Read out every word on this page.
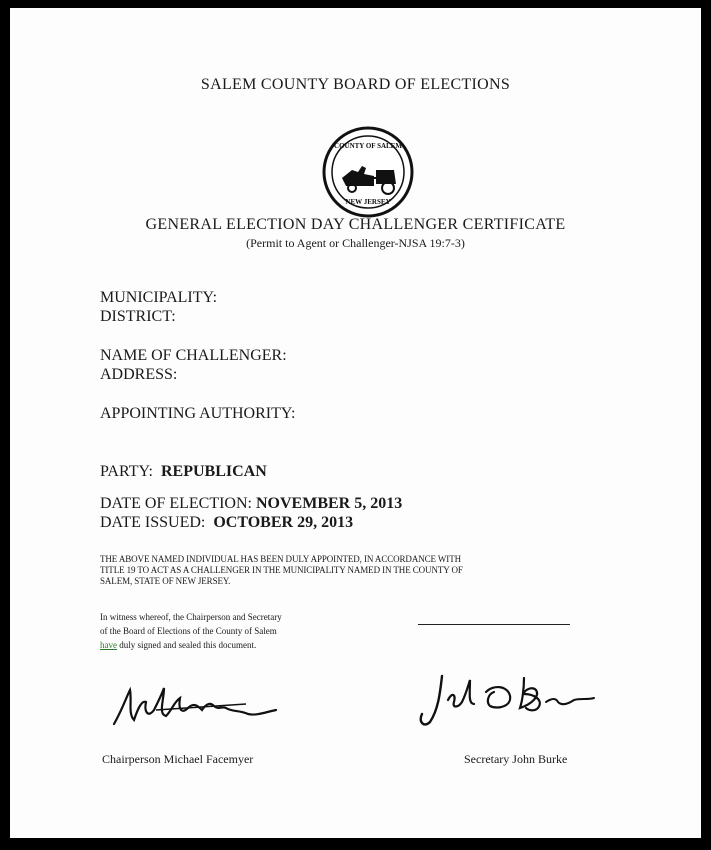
SALEM COUNTY BOARD OF ELECTIONS
COUNTY OF SALEM
NEW JERSEY
GENERAL ELECTION DAY CHALLENGER CERTIFICATE
(Permit to Agent or Challenger-NJSA 19:7-3)
MUNICIPALITY:
DISTRICT:
NAME OF CHALLENGER:
ADDRESS:
APPOINTING AUTHORITY:
PARTY: REPUBLICAN
DATE OF ELECTION: NOVEMBER 5, 2013
DATE ISSUED: OCTOBER 29, 2013
THE ABOVE NAMED INDIVIDUAL HAS BEEN DULY APPOINTED, IN ACCORDANCE WITH
TITLE 19 TO ACT AS A CHALLENGER IN THE MUNICIPALITY NAMED IN THE COUNTY OF
SALEM, STATE OF NEW JERSEY.
In witness whereof, the Chairperson and Secretary
of the Board of Elections of the County of Salem
have duly signed and sealed this document.
Chairperson Michael Facemyer	Secretary John Burke
